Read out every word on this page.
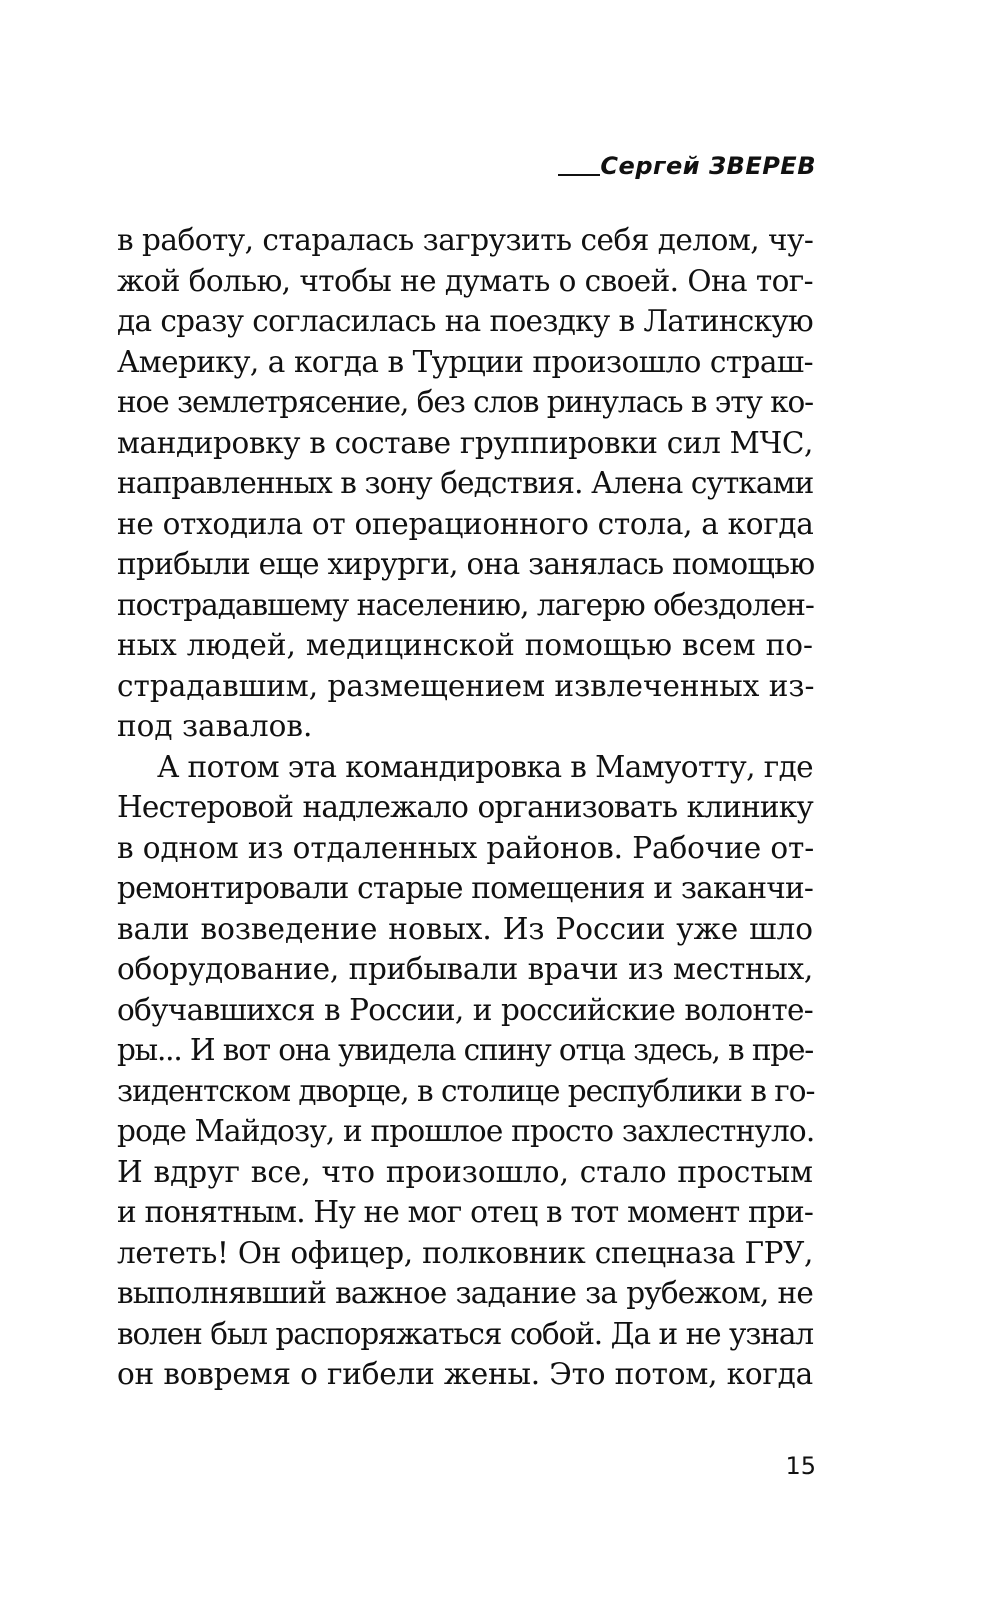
Сергей ЗВЕРЕВ
в работу, старалась загрузить себя делом, чу-
жой болью, чтобы не думать о своей. Она тог-
да сразу согласилась на поездку в Латинскую
Америку, а когда в Турции произошло страш-
ное землетрясение, без слов ринулась в эту ко-
мандировку в составе группировки сил МЧС,
направленных в зону бедствия. Алена сутками
не отходила от операционного стола, а когда
прибыли еще хирурги, она занялась помощью
пострадавшему населению, лагерю обездолен-
ных людей, медицинской помощью всем по-
страдавшим, размещением извлеченных из-
под завалов.
А потом эта командировка в Мамуотту, где
Нестеровой надлежало организовать клинику
в одном из отдаленных районов. Рабочие от-
ремонтировали старые помещения и заканчи-
вали возведение новых. Из России уже шло
оборудование, прибывали врачи из местных,
обучавшихся в России, и российские волонте-
ры... И вот она увидела спину отца здесь, в пре-
зидентском дворце, в столице республики в го-
роде Майдозу, и прошлое просто захлестнуло.
И вдруг все, что произошло, стало простым
и понятным. Ну не мог отец в тот момент при-
лететь! Он офицер, полковник спецназа ГРУ,
выполнявший важное задание за рубежом, не
волен был распоряжаться собой. Да и не узнал
он вовремя о гибели жены. Это потом, когда
15
